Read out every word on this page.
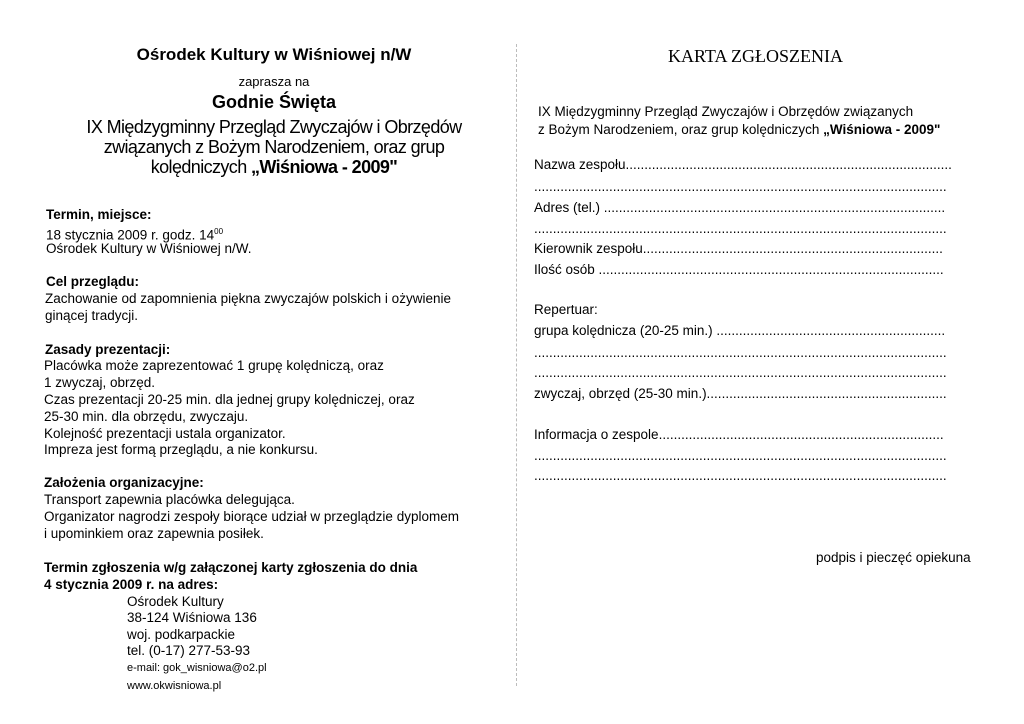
Ośrodek Kultury w Wiśniowej n/W
zaprasza na
Godnie Święta
IX Międzygminny Przegląd Zwyczajów i Obrzędów
związanych z Bożym Narodzeniem, oraz grup
kolędniczych „Wiśniowa - 2009"
Termin, miejsce:
18 stycznia 2009 r. godz. $14^{00}$
Ośrodek Kultury w Wiśniowej n/W.
Cel przeglądu:
Zachowanie od zapomnienia piękna zwyczajów polskich i ożywienie
ginącej tradycji.
Zasady prezentacji:
Placówka może zaprezentować 1 grupę kolędniczą, oraz
1 zwyczaj, obrzęd.
Czas prezentacji 20-25 min. dla jednej grupy kolędniczej, oraz
25-30 min. dla obrzędu, zwyczaju.
Kolejność prezentacji ustala organizator.
Impreza jest formą przeglądu, a nie konkursu.
Założenia organizacyjne:
Transport zapewnia placówka delegująca.
Organizator nagrodzi zespoły biorące udział w przeglądzie dyplomem
i upominkiem oraz zapewnia posiłek.
Termin zgłoszenia w/g załączonej karty zgłoszenia do dnia
4 stycznia 2009 r. na adres:
Ośrodek Kultury
38-124 Wiśniowa 136
woj. podkarpackie
tel. (0-17) 277-53-93
e-mail: gok_wisniowa@o2.pl
www.okwisniowa.pl
KARTA ZGŁOSZENIA
IX Międzygminny Przegląd Zwyczajów i Obrzędów związanych
z Bożym Narodzeniem, oraz grup kolędniczych „Wiśniowa - 2009"
Nazwa zespołu.......................................................................................
..............................................................................................................
Adres (tel.) ...........................................................................................
..............................................................................................................
Kierownik zespołu................................................................................
Ilość osób ............................................................................................
Repertuar:
grupa kolędnicza (20-25 min.) .............................................................
..............................................................................................................
..............................................................................................................
zwyczaj, obrzęd (25-30 min.)................................................................
Informacja o zespole............................................................................
..............................................................................................................
..............................................................................................................
podpis i pieczęć opiekuna
